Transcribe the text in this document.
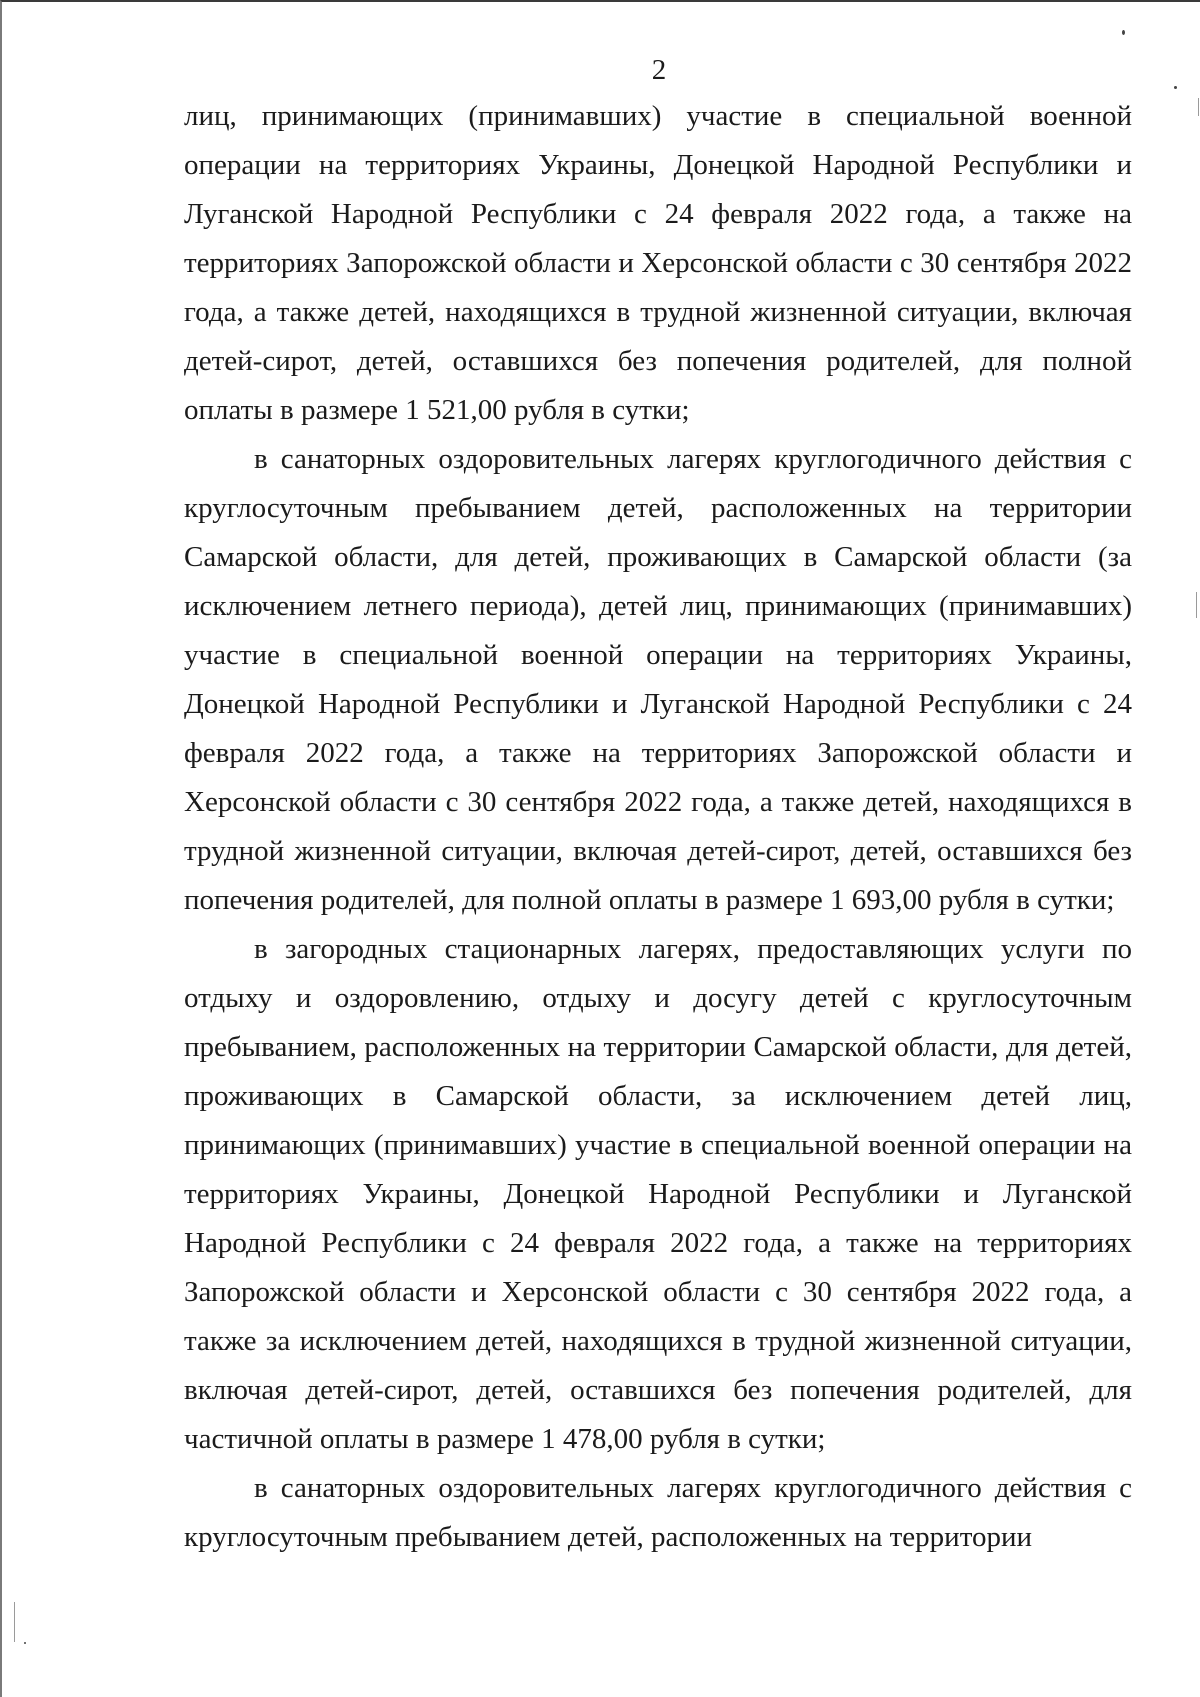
2

лиц, принимающих (принимавших) участие в специальной военной операции на территориях Украины, Донецкой Народной Республики и Луганской Народной Республики с 24 февраля 2022 года, а также на территориях Запорожской области и Херсонской области с 30 сентября 2022 года, а также детей, находящихся в трудной жизненной ситуации, включая детей-сирот, детей, оставшихся без попечения родителей, для полной оплаты в размере 1 521,00 рубля в сутки;

в санаторных оздоровительных лагерях круглогодичного действия с круглосуточным пребыванием детей, расположенных на территории Самарской области, для детей, проживающих в Самарской области (за исключением летнего периода), детей лиц, принимающих (принимавших) участие в специальной военной операции на территориях Украины, Донецкой Народной Республики и Луганской Народной Республики с 24 февраля 2022 года, а также на территориях Запорожской области и Херсонской области с 30 сентября 2022 года, а также детей, находящихся в трудной жизненной ситуации, включая детей-сирот, детей, оставшихся без попечения родителей, для полной оплаты в размере 1 693,00 рубля в сутки;

в загородных стационарных лагерях, предоставляющих услуги по отдыху и оздоровлению, отдыху и досугу детей с круглосуточным пребыванием, расположенных на территории Самарской области, для детей, проживающих в Самарской области, за исключением детей лиц, принимающих (принимавших) участие в специальной военной операции на территориях Украины, Донецкой Народной Республики и Луганской Народной Республики с 24 февраля 2022 года, а также на территориях Запорожской области и Херсонской области с 30 сентября 2022 года, а также за исключением детей, находящихся в трудной жизненной ситуации, включая детей-сирот, детей, оставшихся без попечения родителей, для частичной оплаты в размере 1 478,00 рубля в сутки;

в санаторных оздоровительных лагерях круглогодичного действия с круглосуточным пребыванием детей, расположенных на территории
